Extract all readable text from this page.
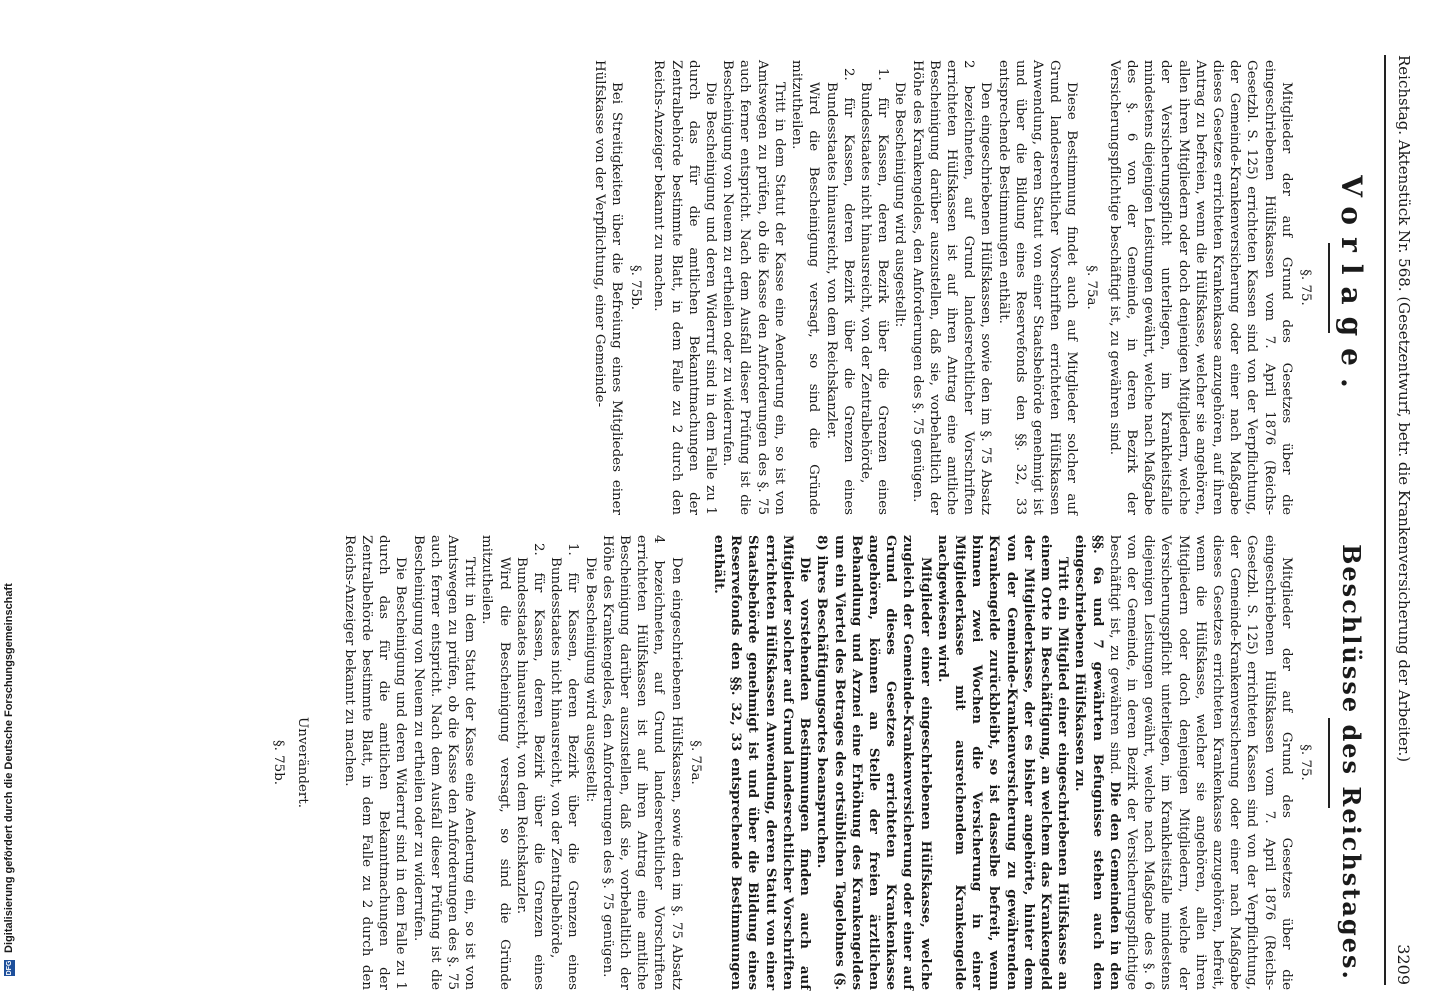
DFG Digitalisierung gefördert durch die Deutsche Forschungsgemeinschaft
Reichstag. Aktenstück Nr. 568. (Gesetzentwurf, betr. die Krankenversicherung der Arbeiter.)
3209
Vorlage.
§. 75.

Mitglieder der auf Grund des Gesetzes über die eingeschriebenen Hülfskassen vom 7. April 1876 (Reichs-Gesetzbl. S. 125) errichteten Kassen sind von der Verpflichtung, der Gemeinde-Krankenversicherung oder einer nach Maßgabe dieses Gesetzes errichteten Krankenkasse anzugehören, auf ihren Antrag zu befreien, wenn die Hülfskasse, welcher sie angehören, allen ihren Mitgliedern oder doch denjenigen Mitgliedern, welche der Versicherungspflicht unterliegen, im Krankheitsfalle mindestens diejenigen Leistungen gewährt, welche nach Maßgabe des §. 6 von der Gemeinde, in deren Bezirk der Versicherungspflichtige beschäftigt ist, zu gewähren sind.

§. 75a.

Diese Bestimmung findet auch auf Mitglieder solcher auf Grund landesrechtlicher Vorschriften errichteten Hülfskassen Anwendung, deren Statut von einer Staatsbehörde genehmigt ist und über die Bildung eines Reservefonds den §§. 32, 33 entsprechende Bestimmungen enthält.

Den eingeschriebenen Hülfskassen, sowie den im §. 75 Absatz 2 bezeichneten, auf Grund landesrechtlicher Vorschriften errichteten Hülfskassen ist auf ihren Antrag eine amtliche Bescheinigung darüber auszustellen, daß sie, vorbehaltlich der Höhe des Krankengeldes, den Anforderungen des §. 75 genügen.

Die Bescheinigung wird ausgestellt:

1. für Kassen, deren Bezirk über die Grenzen eines Bundesstaates nicht hinausreicht, von der Zentralbehörde,

2. für Kassen, deren Bezirk über die Grenzen eines Bundesstaates hinausreicht, von dem Reichskanzler.

Wird die Bescheinigung versagt, so sind die Gründe mitzutheilen.

Tritt in dem Statut der Kasse eine Aenderung ein, so ist von Amtswegen zu prüfen, ob die Kasse den Anforderungen des §. 75 auch ferner entspricht. Nach dem Ausfall dieser Prüfung ist die Bescheinigung von Neuem zu ertheilen oder zu widerrufen.

Die Bescheinigung und deren Widerruf sind in dem Falle zu 1 durch das für die amtlichen Bekanntmachungen der Zentralbehörde bestimmte Blatt, in dem Falle zu 2 durch den Reichs-Anzeiger bekannt zu machen.

§. 75b.

Bei Streitigkeiten über die Befreiung eines Mitgliedes einer Hülfskasse von der Verpflichtung, einer Gemeinde-

Beschlüsse des Reichstages.
§. 75.

Mitglieder der auf Grund des Gesetzes über die eingeschriebenen Hülfskassen vom 7. April 1876 (Reichs-Gesetzbl. S. 125) errichteten Kassen sind von der Verpflichtung, der Gemeinde-Krankenversicherung oder einer nach Maßgabe dieses Gesetzes errichteten Krankenkasse anzugehören, befreit, wenn die Hülfskasse, welcher sie angehören, allen ihren Mitgliedern oder doch denjenigen Mitgliedern, welche der Versicherungspflicht unterliegen, im Krankheitsfalle mindestens diejenigen Leistungen gewährt, welche nach Maßgabe des §. 6 von der Gemeinde, in deren Bezirk der Versicherungspflichtige beschäftigt ist, zu gewähren sind. Die den Gemeinden in den §§. 6a und 7 gewährten Befugnisse stehen auch den eingeschriebenen Hülfskassen zu.

Tritt ein Mitglied einer eingeschriebenen Hülfskasse an einem Orte in Beschäftigung, an welchem das Krankengeld der Mitgliederkasse, der es bisher angehörte, hinter dem von der Gemeinde-Krankenversicherung zu gewährenden Krankengelde zurückbleibt, so ist dasselbe befreit, wenn binnen zwei Wochen die Versicherung in einer Mitgliederkasse mit ausreichendem Krankengelde nachgewiesen wird.

Mitglieder einer eingeschriebenen Hülfskasse, welche zugleich der Gemeinde-Krankenversicherung oder einer auf Grund dieses Gesetzes errichteten Krankenkasse angehören, können an Stelle der freien ärztlichen Behandlung und Arznei eine Erhöhung des Krankengeldes um ein Viertel des Betrages des ortsüblichen Tagelohnes (§. 8) ihres Beschäftigungsortes beanspruchen.

Die vorstehenden Bestimmungen finden auch auf Mitglieder solcher auf Grund landesrechtlicher Vorschriften errichteten Hülfskassen Anwendung, deren Statut von einer Staatsbehörde genehmigt ist und über die Bildung eines Reservefonds den §§. 32, 33 entsprechende Bestimmungen enthält.

§. 75a.

Den eingeschriebenen Hülfskassen, sowie den im §. 75 Absatz 4 bezeichneten, auf Grund landesrechtlicher Vorschriften errichteten Hülfskassen ist auf ihren Antrag eine amtliche Bescheinigung darüber auszustellen, daß sie, vorbehaltlich der Höhe des Krankengeldes, den Anforderungen des §. 75 genügen.

Die Bescheinigung wird ausgestellt:

1. für Kassen, deren Bezirk über die Grenzen eines Bundesstaates nicht hinausreicht, von der Zentralbehörde,

2. für Kassen, deren Bezirk über die Grenzen eines Bundesstaates hinausreicht, von dem Reichskanzler.

Wird die Bescheinigung versagt, so sind die Gründe mitzutheilen.

Tritt in dem Statut der Kasse eine Aenderung ein, so ist von Amtswegen zu prüfen, ob die Kasse den Anforderungen des §. 75 auch ferner entspricht. Nach dem Ausfall dieser Prüfung ist die Bescheinigung von Neuem zu ertheilen oder zu widerrufen.

Die Bescheinigung und deren Widerruf sind in dem Falle zu 1 durch das für die amtlichen Bekanntmachungen der Zentralbehörde bestimmte Blatt, in dem Falle zu 2 durch den Reichs-Anzeiger bekannt zu machen.

Unverändert.
§. 75b.
